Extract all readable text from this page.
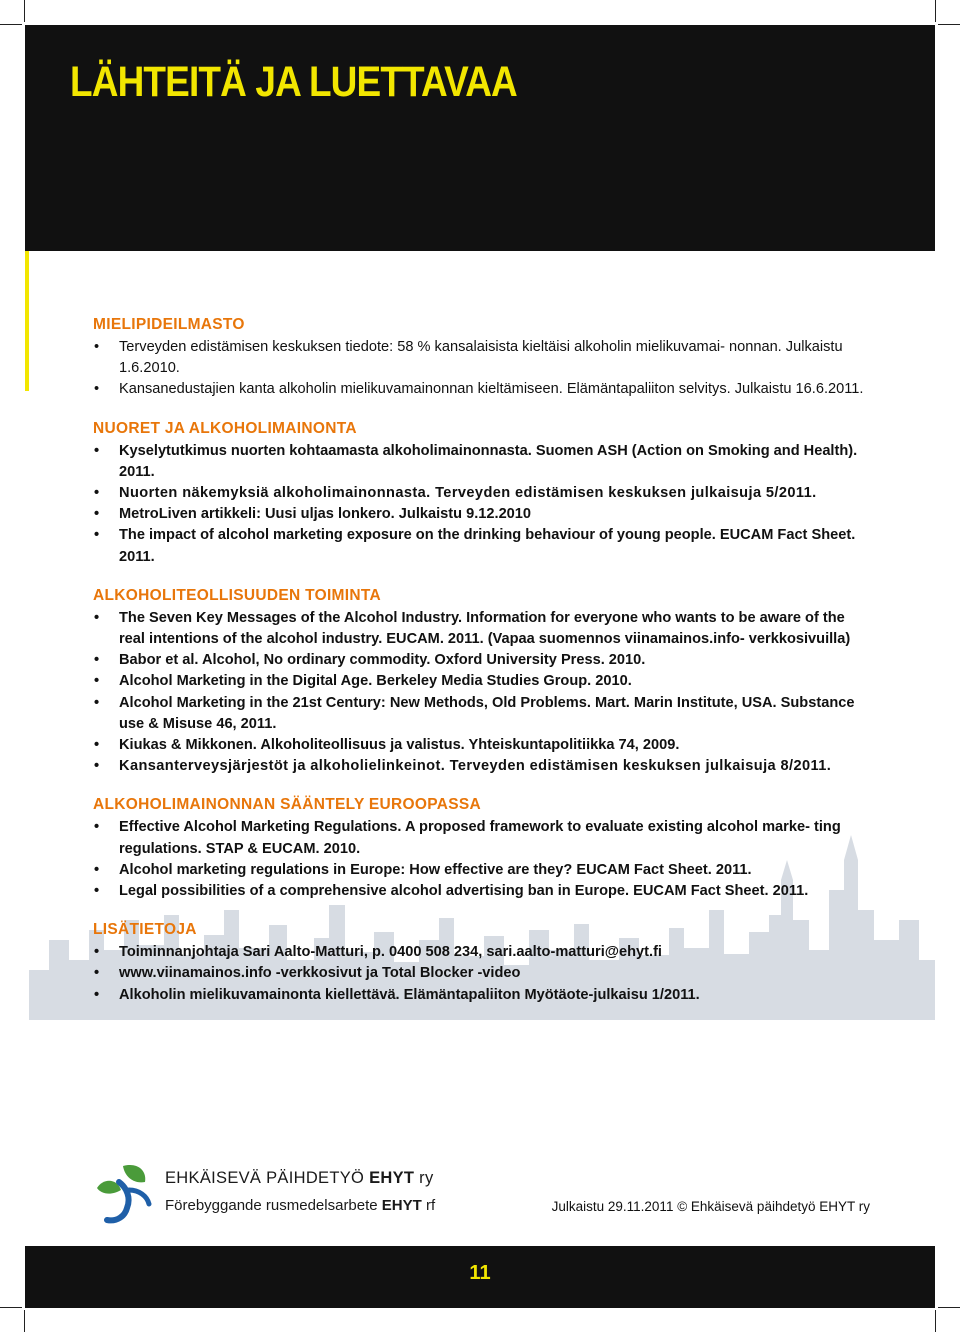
LÄHTEITÄ JA LUETTAVAA
MIELIPIDEILMASTO
• Terveyden edistämisen keskuksen tiedote: 58 % kansalaisista kieltäisi alkoholin mielikuvamai- nonnan. Julkaistu 1.6.2010.
• Kansanedustajien kanta alkoholin mielikuvamainonnan kieltämiseen. Elämäntapaliiton selvitys. Julkaistu 16.6.2011.
NUORET JA ALKOHOLIMAINONTA
• Kyselytutkimus nuorten kohtaamasta alkoholimainonnasta. Suomen ASH (Action on Smoking and Health). 2011.
• Nuorten näkemyksiä alkoholimainonnasta. Terveyden edistämisen keskuksen julkaisuja 5/2011.
• MetroLiven artikkeli: Uusi uljas lonkero. Julkaistu 9.12.2010
• The impact of alcohol marketing exposure on the drinking behaviour of young people. EUCAM Fact Sheet. 2011.
ALKOHOLITEOLLISUUDEN TOIMINTA
• The Seven Key Messages of the Alcohol Industry. Information for everyone who wants to be aware of the real intentions of the alcohol industry. EUCAM. 2011. (Vapaa suomennos viinamainos.info- verkkosivuilla)
• Babor et al. Alcohol, No ordinary commodity. Oxford University Press. 2010.
• Alcohol Marketing in the Digital Age. Berkeley Media Studies Group. 2010.
• Alcohol Marketing in the 21st Century: New Methods, Old Problems. Mart. Marin Institute, USA. Substance use & Misuse 46, 2011.
• Kiukas & Mikkonen. Alkoholiteollisuus ja valistus. Yhteiskuntapolitiikka 74, 2009.
• Kansanterveysjärjestöt ja alkoholielinkeinot. Terveyden edistämisen keskuksen julkaisuja 8/2011.
ALKOHOLIMAINONNAN SÄÄNTELY EUROOPASSA
• Effective Alcohol Marketing Regulations. A proposed framework to evaluate existing alcohol marke- ting regulations. STAP & EUCAM. 2010.
• Alcohol marketing regulations in Europe: How effective are they? EUCAM Fact Sheet. 2011.
• Legal possibilities of a comprehensive alcohol advertising ban in Europe. EUCAM Fact Sheet. 2011.
LISÄTIETOJA
• Toiminnanjohtaja Sari Aalto-Matturi, p. 0400 508 234, sari.aalto-matturi@ehyt.fi
• www.viinamainos.info -verkkosivut ja Total Blocker -video
• Alkoholin mielikuvamainonta kiellettävä. Elämäntapaliiton Myötäote-julkaisu 1/2011.
EHKÄISEVÄ PÄIHDETYÖ EHYT ry
Förebyggande rusmedelsarbete EHYT rf	Julkaistu 29.11.2011 © Ehkäisevä päihdetyö EHYT ry
11
